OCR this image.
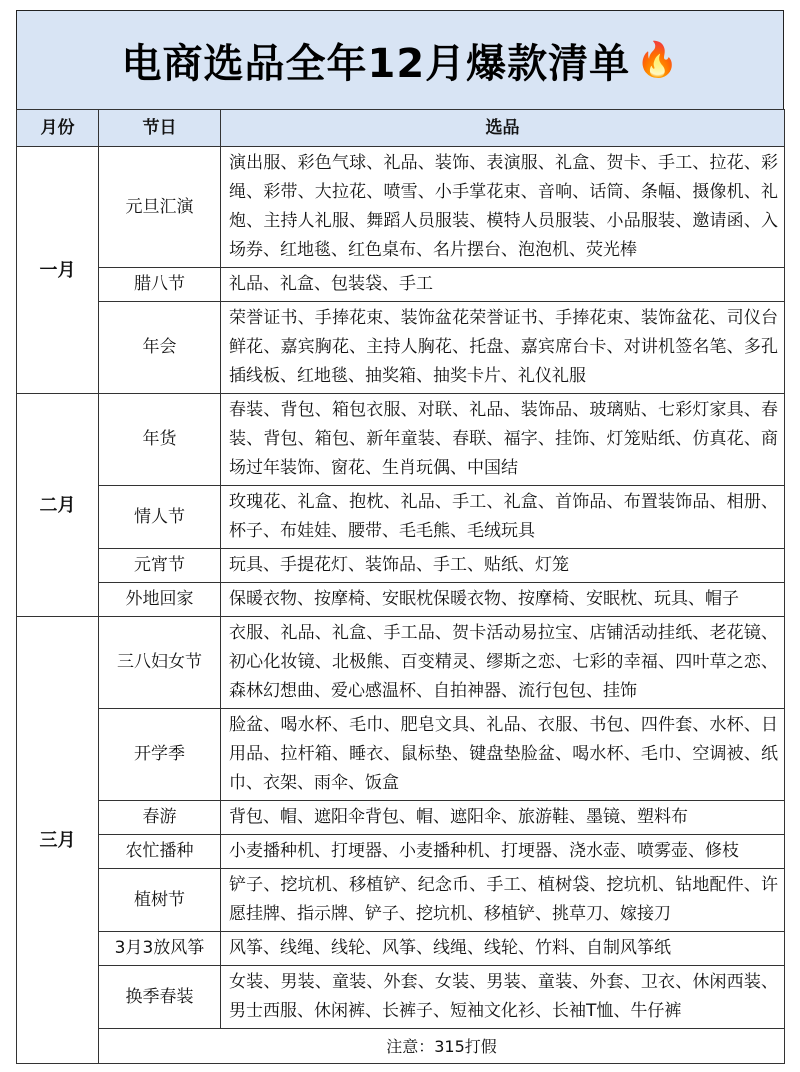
电商选品全年12月爆款清单 🔥
月份	节日	选品
一月	元旦汇演	演出服、彩色气球、礼品、装饰、表演服、礼盒、贺卡、手工、拉花、彩绳、彩带、大拉花、喷雪、小手掌花束、音响、话筒、条幅、摄像机、礼炮、主持人礼服、舞蹈人员服装、模特人员服装、小品服装、邀请函、入场券、红地毯、红色桌布、名片摆台、泡泡机、荧光棒
	腊八节	礼品、礼盒、包装袋、手工
	年会	荣誉证书、手捧花束、装饰盆花荣誉证书、手捧花束、装饰盆花、司仪台鲜花、嘉宾胸花、主持人胸花、托盘、嘉宾席台卡、对讲机签名笔、多孔插线板、红地毯、抽奖箱、抽奖卡片、礼仪礼服
二月	年货	春装、背包、箱包衣服、对联、礼品、装饰品、玻璃贴、七彩灯家具、春装、背包、箱包、新年童装、春联、福字、挂饰、灯笼贴纸、仿真花、商场过年装饰、窗花、生肖玩偶、中国结
	情人节	玫瑰花、礼盒、抱枕、礼品、手工、礼盒、首饰品、布置装饰品、相册、杯子、布娃娃、腰带、毛毛熊、毛绒玩具
	元宵节	玩具、手提花灯、装饰品、手工、贴纸、灯笼
	外地回家	保暖衣物、按摩椅、安眠枕保暖衣物、按摩椅、安眠枕、玩具、帽子
三月	三八妇女节	衣服、礼品、礼盒、手工品、贺卡活动易拉宝、店铺活动挂纸、老花镜、初心化妆镜、北极熊、百变精灵、缪斯之恋、七彩的幸福、四叶草之恋、森林幻想曲、爱心感温杯、自拍神器、流行包包、挂饰
	开学季	脸盆、喝水杯、毛巾、肥皂文具、礼品、衣服、书包、四件套、水杯、日用品、拉杆箱、睡衣、鼠标垫、键盘垫脸盆、喝水杯、毛巾、空调被、纸巾、衣架、雨伞、饭盒
	春游	背包、帽、遮阳伞背包、帽、遮阳伞、旅游鞋、墨镜、塑料布
	农忙播种	小麦播种机、打埂器、小麦播种机、打埂器、浇水壶、喷雾壶、修枝
	植树节	铲子、挖坑机、移植铲、纪念币、手工、植树袋、挖坑机、钻地配件、许愿挂牌、指示牌、铲子、挖坑机、移植铲、挑草刀、嫁接刀
	3月3放风筝	风筝、线绳、线轮、风筝、线绳、线轮、竹料、自制风筝纸
	换季春装	女装、男装、童装、外套、女装、男装、童装、外套、卫衣、休闲西装、男士西服、休闲裤、长裤子、短袖文化衫、长袖T恤、牛仔裤
	注意：315打假	
